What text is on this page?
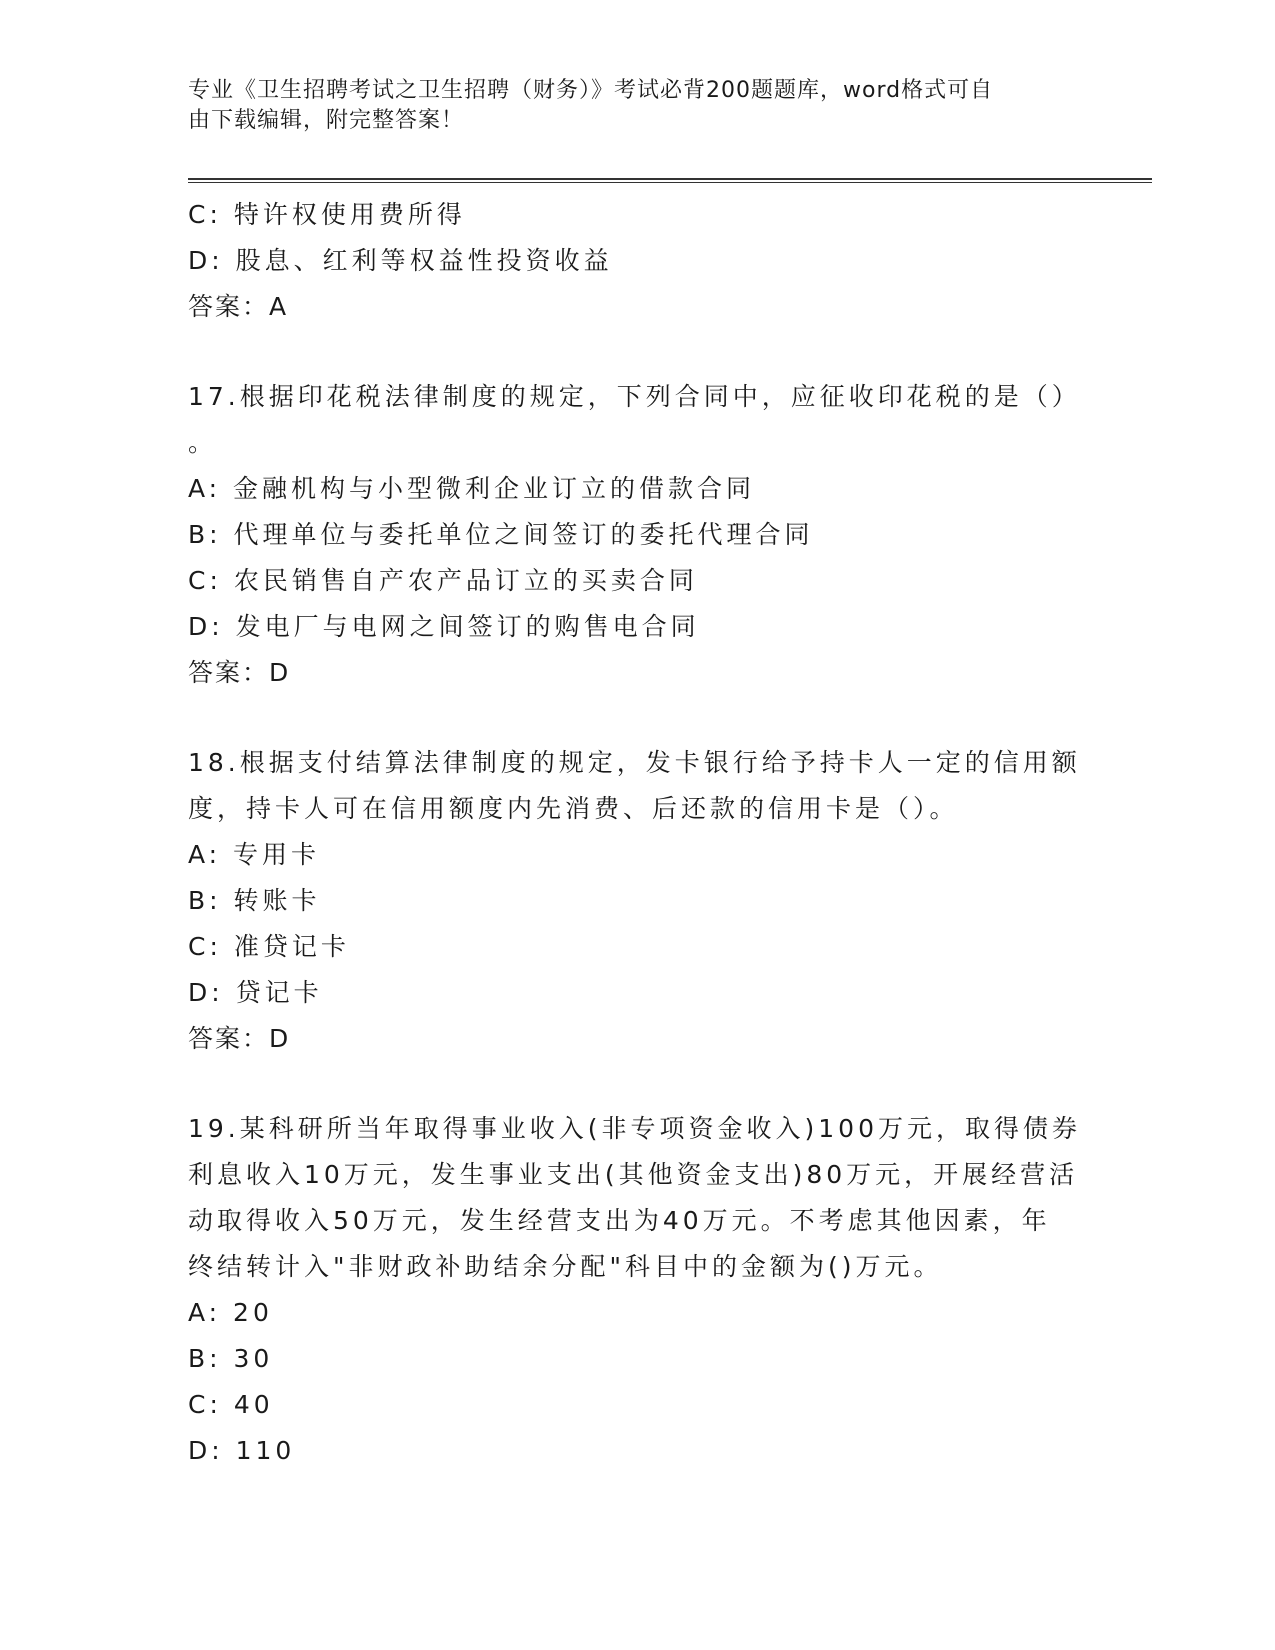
专业《卫生招聘考试之卫生招聘（财务）》考试必背200题题库，word格式可自
由下载编辑，附完整答案！
C: 特许权使用费所得
D: 股息、红利等权益性投资收益
答案：A
17.根据印花税法律制度的规定，下列合同中，应征收印花税的是（）
。
A: 金融机构与小型微利企业订立的借款合同
B: 代理单位与委托单位之间签订的委托代理合同
C: 农民销售自产农产品订立的买卖合同
D: 发电厂与电网之间签订的购售电合同
答案：D
18.根据支付结算法律制度的规定，发卡银行给予持卡人一定的信用额
度，持卡人可在信用额度内先消费、后还款的信用卡是（）。
A: 专用卡
B: 转账卡
C: 准贷记卡
D: 贷记卡
答案：D
19.某科研所当年取得事业收入(非专项资金收入)100万元，取得债券
利息收入10万元，发生事业支出(其他资金支出)80万元，开展经营活
动取得收入50万元，发生经营支出为40万元。不考虑其他因素，年
终结转计入"非财政补助结余分配"科目中的金额为()万元。
A: 20
B: 30
C: 40
D: 110
